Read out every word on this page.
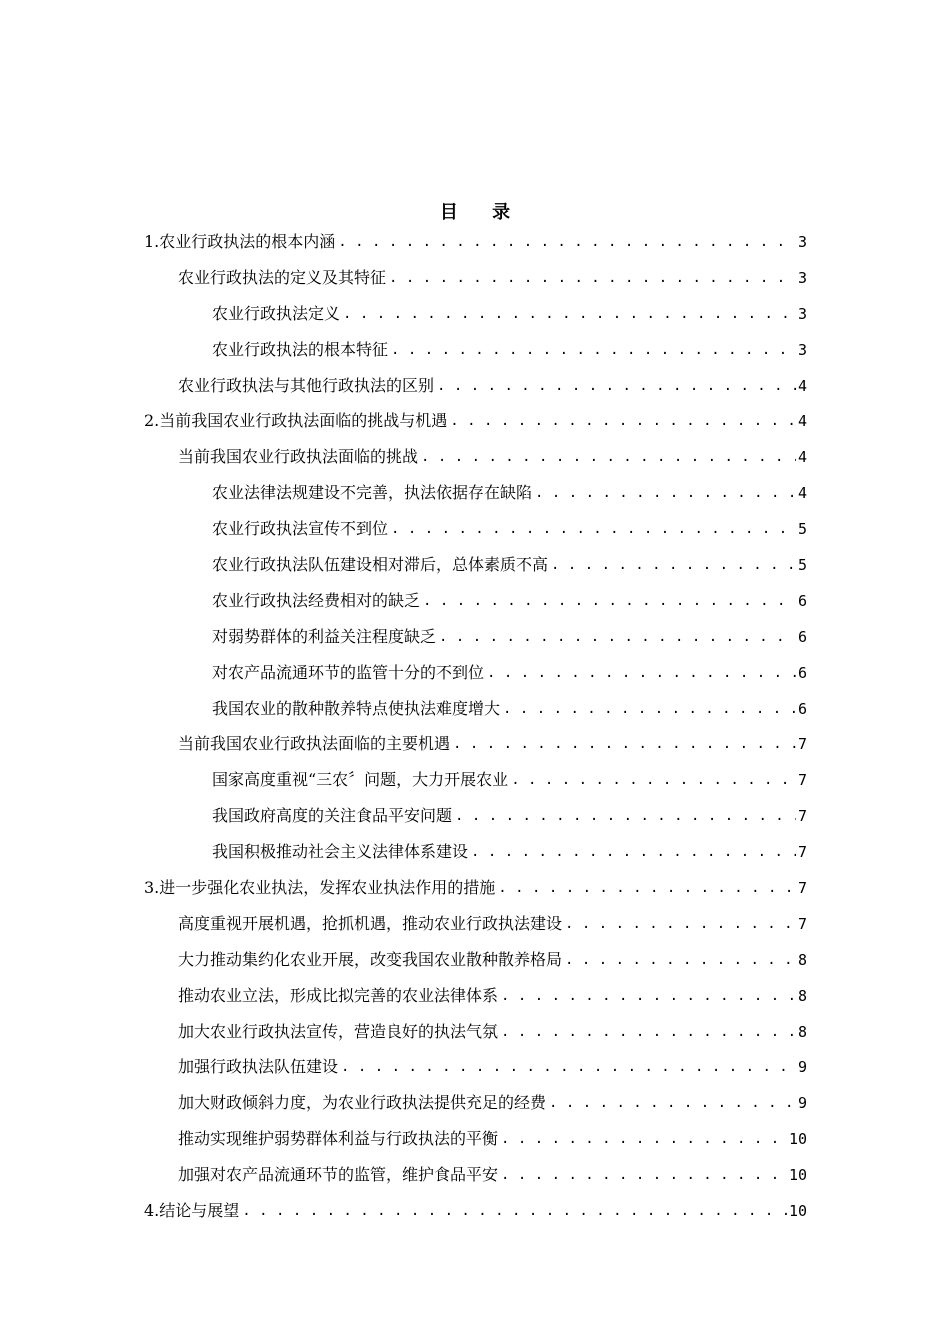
目 录
1.农业行政执法的根本内涵 . . .	3
农业行政执法的定义及其特征 . . .	3
农业行政执法定义 . . .	3
农业行政执法的根本特征 . . .	3
农业行政执法与其他行政执法的区别 . . .	4
2.当前我国农业行政执法面临的挑战与机遇 . . .	4
当前我国农业行政执法面临的挑战 . . .	4
农业法律法规建设不完善，执法依据存在缺陷 . . .	4
农业行政执法宣传不到位 . . .	5
农业行政执法队伍建设相对滞后，总体素质不高 . . .	5
农业行政执法经费相对的缺乏 . . .	6
对弱势群体的利益关注程度缺乏 . . .	6
对农产品流通环节的监管十分的不到位 . . .	6
我国农业的散种散养特点使执法难度增大 . . .	6
当前我国农业行政执法面临的主要机遇 . . .	7
国家高度重视“三农〞问题，大力开展农业 . . .	7
我国政府高度的关注食品平安问题 . . .	7
我国积极推动社会主义法律体系建设 . . .	7
3.进一步强化农业执法，发挥农业执法作用的措施 . . .	7
高度重视开展机遇，抢抓机遇，推动农业行政执法建设 . . .	7
大力推动集约化农业开展，改变我国农业散种散养格局 . . .	8
推动农业立法，形成比拟完善的农业法律体系 . . .	8
加大农业行政执法宣传，营造良好的执法气氛 . . .	8
加强行政执法队伍建设 . . .	9
加大财政倾斜力度，为农业行政执法提供充足的经费 . . .	9
推动实现维护弱势群体利益与行政执法的平衡 . . .	10
加强对农产品流通环节的监管，维护食品平安 . . .	10
4.结论与展望 . . .	10
